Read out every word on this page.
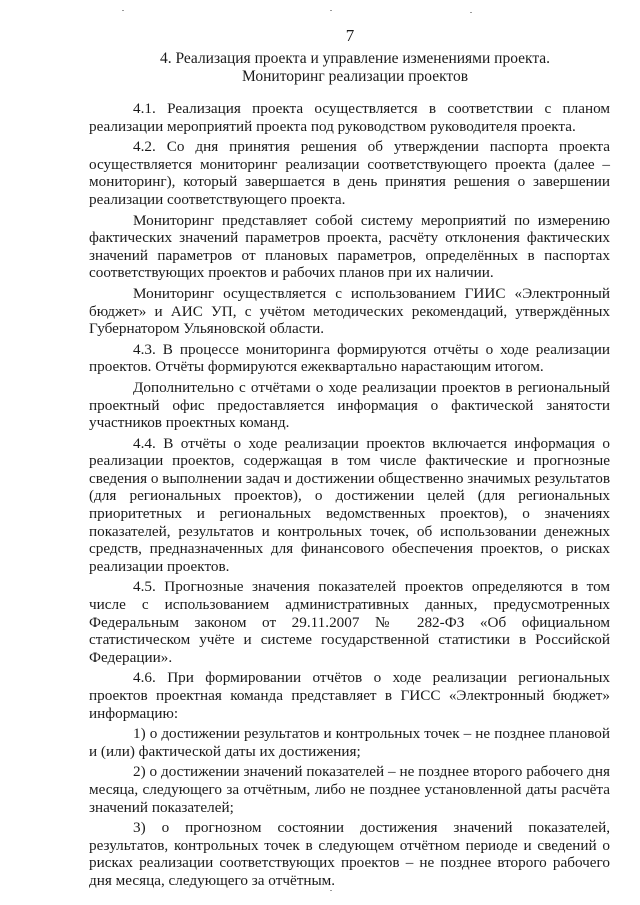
7
4. Реализация проекта и управление изменениями проекта.
Мониторинг реализации проектов

4.1. Реализация проекта осуществляется в соответствии с планом реализации мероприятий проекта под руководством руководителя проекта.

4.2. Со дня принятия решения об утверждении паспорта проекта осуществляется мониторинг реализации соответствующего проекта (далее – мониторинг), который завершается в день принятия решения о завершении реализации соответствующего проекта.

Мониторинг представляет собой систему мероприятий по измерению фактических значений параметров проекта, расчёту отклонения фактических значений параметров от плановых параметров, определённых в паспортах соответствующих проектов и рабочих планов при их наличии.

Мониторинг осуществляется с использованием ГИИС «Электронный бюджет» и АИС УП, с учётом методических рекомендаций, утверждённых Губернатором Ульяновской области.

4.3. В процессе мониторинга формируются отчёты о ходе реализации проектов. Отчёты формируются ежеквартально нарастающим итогом.

Дополнительно с отчётами о ходе реализации проектов в региональный проектный офис предоставляется информация о фактической занятости участников проектных команд.

4.4. В отчёты о ходе реализации проектов включается информация о реализации проектов, содержащая в том числе фактические и прогнозные сведения о выполнении задач и достижении общественно значимых результатов (для региональных проектов), о достижении целей (для региональных приоритетных и региональных ведомственных проектов), о значениях показателей, результатов и контрольных точек, об использовании денежных средств, предназначенных для финансового обеспечения проектов, о рисках реализации проектов.

4.5. Прогнозные значения показателей проектов определяются в том числе с использованием административных данных, предусмотренных Федеральным законом от 29.11.2007 № 282-ФЗ «Об официальном статистическом учёте и системе государственной статистики в Российской Федерации».

4.6. При формировании отчётов о ходе реализации региональных проектов проектная команда представляет в ГИСС «Электронный бюджет» информацию:

1) о достижении результатов и контрольных точек – не позднее плановой и (или) фактической даты их достижения;

2) о достижении значений показателей – не позднее второго рабочего дня месяца, следующего за отчётным, либо не позднее установленной даты расчёта значений показателей;

3) о прогнозном состоянии достижения значений показателей, результатов, контрольных точек в следующем отчётном периоде и сведений о рисках реализации соответствующих проектов – не позднее второго рабочего дня месяца, следующего за отчётным.
